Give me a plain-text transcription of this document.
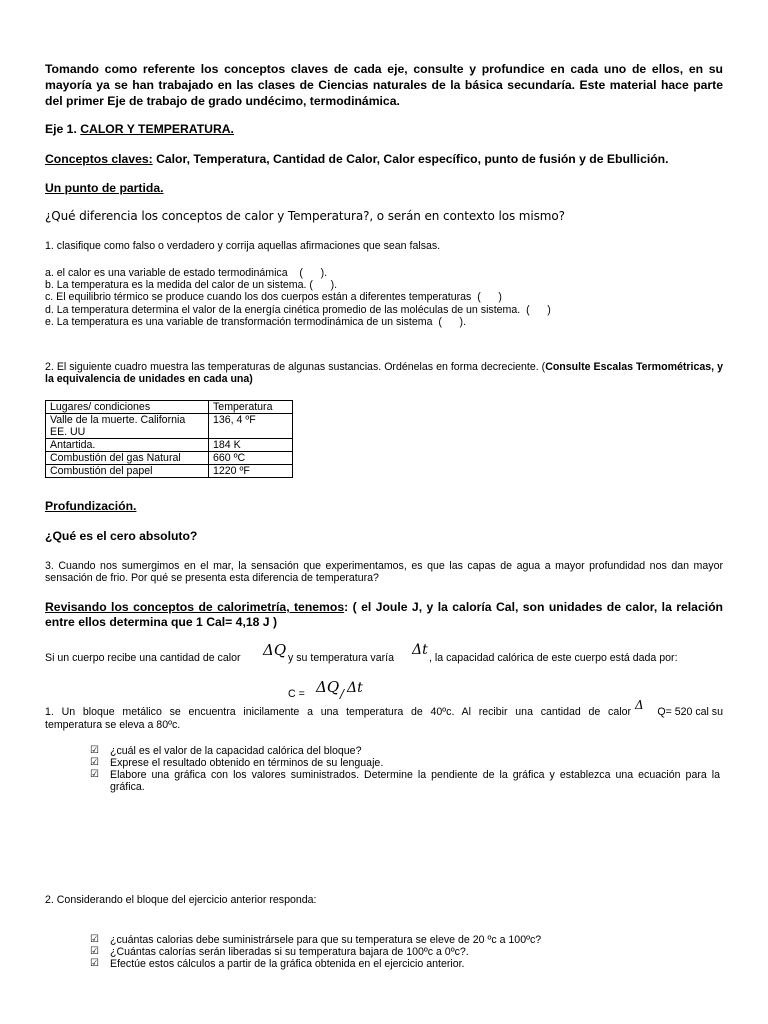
Tomando como referente los conceptos claves de cada eje, consulte y profundice en cada uno de ellos, en su mayoría ya se han trabajado en las clases de Ciencias naturales de la básica secundaría. Este material hace parte del primer Eje de trabajo de grado undécimo, termodinámica.
Eje 1. CALOR Y TEMPERATURA.
Conceptos claves: Calor, Temperatura, Cantidad de Calor, Calor específico, punto de fusión y de Ebullición.
Un punto de partida.
¿Qué diferencia los conceptos de calor y Temperatura?, o serán en contexto los mismo?
1. clasifique como falso o verdadero y corrija aquellas afirmaciones que sean falsas.
a. el calor es una variable de estado termodinámica    (      ).
b. La temperatura es la medida del calor de un sistema. (      ).
c. El equilibrio térmico se produce cuando los dos cuerpos están a diferentes temperaturas  (      )
d. La temperatura determina el valor de la energía cinética promedio de las moléculas de un sistema.  (      )
e. La temperatura es una variable de transformación termodinámica de un sistema  (      ).
2. El siguiente cuadro muestra las temperaturas de algunas sustancias. Ordénelas en forma decreciente. (Consulte Escalas Termométricas, y la equivalencia de unidades en cada una)
Lugares/ condiciones	Temperatura
Valle de la muerte. California EE. UU	136, 4 ºF
Antartida.	184 K
Combustión del gas Natural	660 ºC
Combustión del papel	1220 ºF
Profundización.
¿Qué es el cero absoluto?
3. Cuando nos sumergimos en el mar, la sensación que experimentamos, es que las capas de agua a mayor profundidad nos dan mayor sensación de frio. Por qué se presenta esta diferencia de temperatura?
Revisando los conceptos de calorimetría, tenemos: ( el Joule J, y la caloría Cal, son unidades de calor, la relación entre ellos determina que 1 Cal= 4,18 J )
Si un cuerpo recibe una cantidad de calor ΔQ y su temperatura varía Δt , la capacidad calórica de este cuerpo está dada por:
C = ΔQ / Δt
1. Un bloque metálico se encuentra inicilamente a una temperatura de 40ºc. Al recibir una cantidad de calor Δ	Q= 520 cal su
temperatura se eleva a 80ºc.
☑	¿cuál es el valor de la capacidad calórica del bloque?
☑	Exprese el resultado obtenido en términos de su lenguaje.
☑	Elabore una gráfica con los valores suministrados. Determine la pendiente de la gráfica y establezca una ecuación para la gráfica.
2. Considerando el bloque del ejercicio anterior responda:
☑	¿cuántas calorias debe suministrársele para que su temperatura se eleve de 20 ºc a 100ºc?
☑	¿Cuántas calorías serán liberadas si su temperatura bajara de 100ºc a 0ºc?.
☑	Efectúe estos cálculos a partir de la gráfica obtenida en el ejercicio anterior.
